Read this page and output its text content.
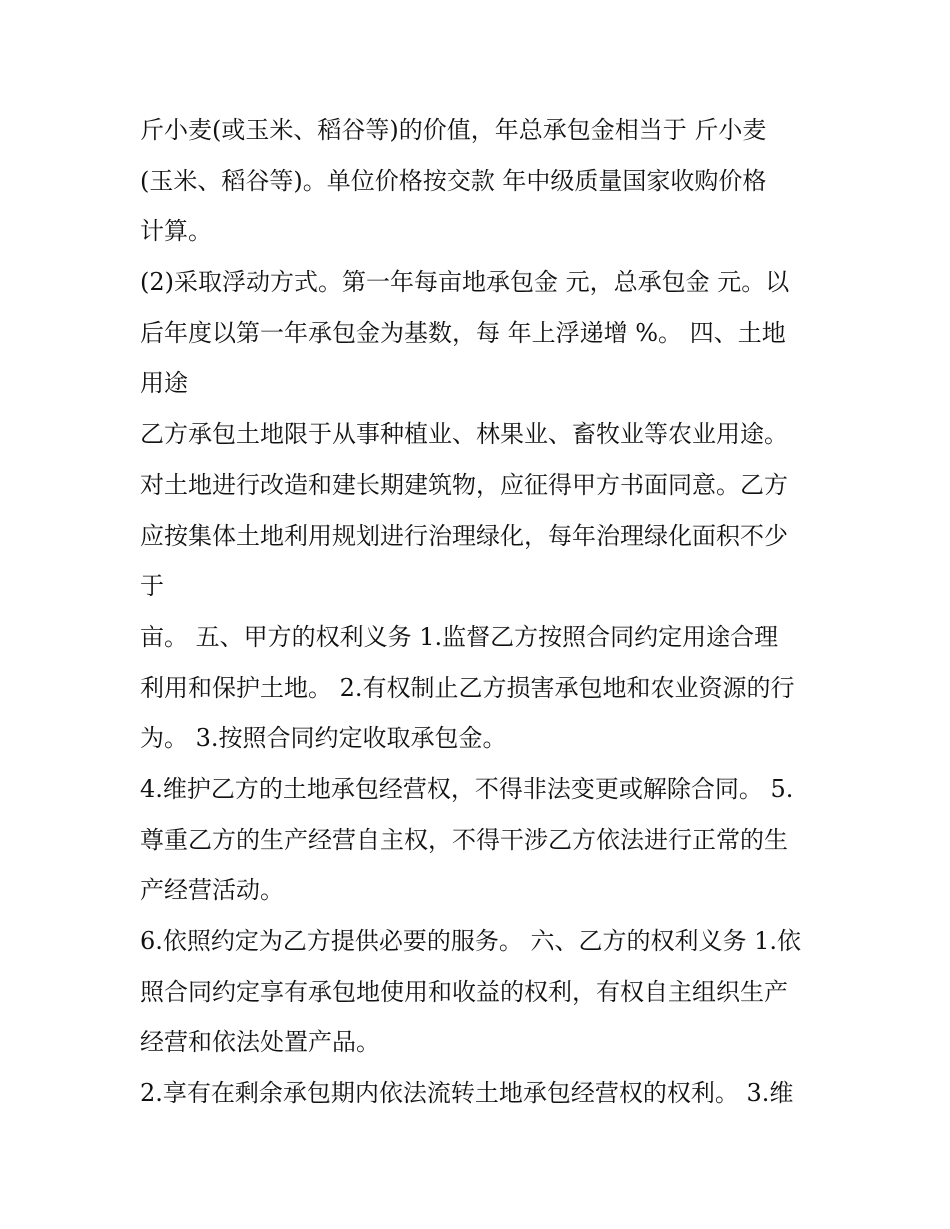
斤小麦(或玉米、稻谷等)的价值，年总承包金相当于 斤小麦
(玉米、稻谷等)。单位价格按交款 年中级质量国家收购价格
计算。
(2)采取浮动方式。第一年每亩地承包金 元，总承包金 元。以
后年度以第一年承包金为基数，每 年上浮递增 %。 四、土地
用途
乙方承包土地限于从事种植业、林果业、畜牧业等农业用途。
对土地进行改造和建长期建筑物，应征得甲方书面同意。乙方
应按集体土地利用规划进行治理绿化，每年治理绿化面积不少
于
亩。 五、甲方的权利义务 1.监督乙方按照合同约定用途合理
利用和保护土地。 2.有权制止乙方损害承包地和农业资源的行
为。 3.按照合同约定收取承包金。
4.维护乙方的土地承包经营权，不得非法变更或解除合同。 5.
尊重乙方的生产经营自主权，不得干涉乙方依法进行正常的生
产经营活动。
6.依照约定为乙方提供必要的服务。 六、乙方的权利义务 1.依
照合同约定享有承包地使用和收益的权利，有权自主组织生产
经营和依法处置产品。
2.享有在剩余承包期内依法流转土地承包经营权的权利。 3.维
